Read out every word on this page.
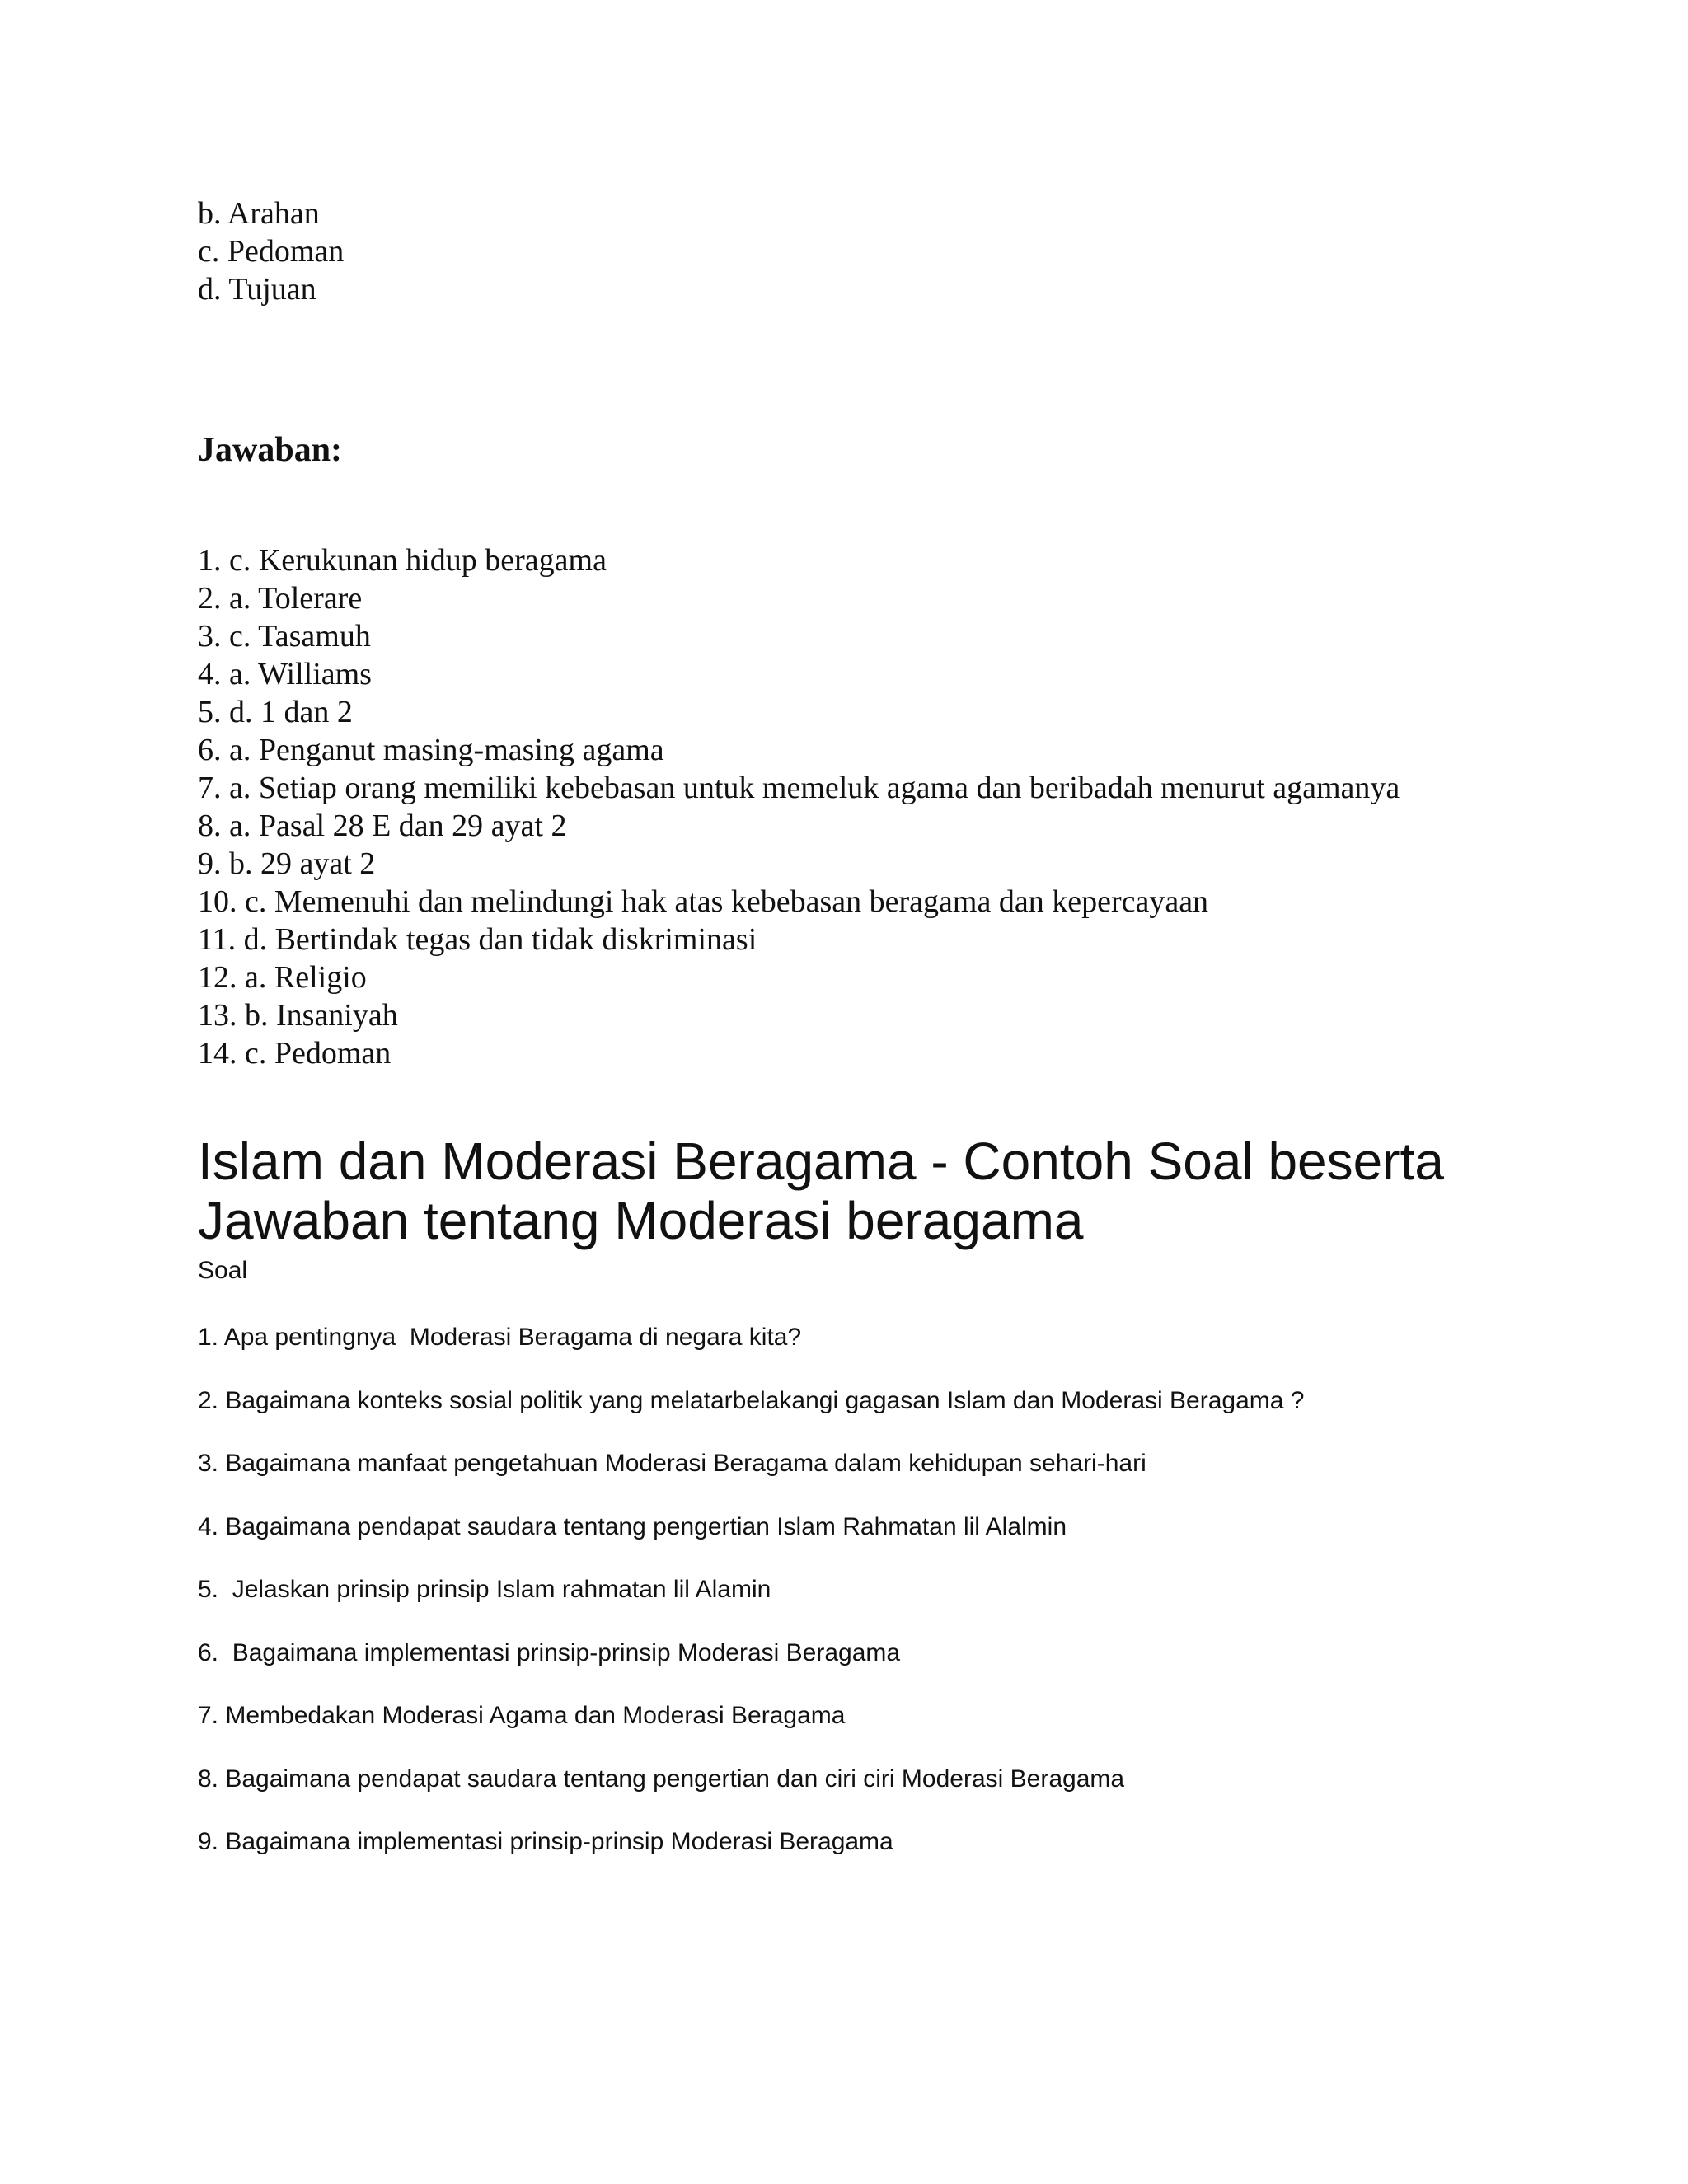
b. Arahan
c. Pedoman
d. Tujuan
Jawaban:
1. c. Kerukunan hidup beragama
2. a. Tolerare
3. c. Tasamuh
4. a. Williams
5. d. 1 dan 2
6. a. Penganut masing-masing agama
7. a. Setiap orang memiliki kebebasan untuk memeluk agama dan beribadah menurut agamanya
8. a. Pasal 28 E dan 29 ayat 2
9. b. 29 ayat 2
10. c. Memenuhi dan melindungi hak atas kebebasan beragama dan kepercayaan
11. d. Bertindak tegas dan tidak diskriminasi
12. a. Religio
13. b. Insaniyah
14. c. Pedoman
Islam dan Moderasi Beragama - Contoh Soal beserta Jawaban tentang Moderasi beragama
Soal
1. Apa pentingnya  Moderasi Beragama di negara kita?
2. Bagaimana konteks sosial politik yang melatarbelakangi gagasan Islam dan Moderasi Beragama ?
3. Bagaimana manfaat pengetahuan Moderasi Beragama dalam kehidupan sehari-hari
4. Bagaimana pendapat saudara tentang pengertian Islam Rahmatan lil Alalmin
5.  Jelaskan prinsip prinsip Islam rahmatan lil Alamin
6.  Bagaimana implementasi prinsip-prinsip Moderasi Beragama
7. Membedakan Moderasi Agama dan Moderasi Beragama
8. Bagaimana pendapat saudara tentang pengertian dan ciri ciri Moderasi Beragama
9. Bagaimana implementasi prinsip-prinsip Moderasi Beragama
